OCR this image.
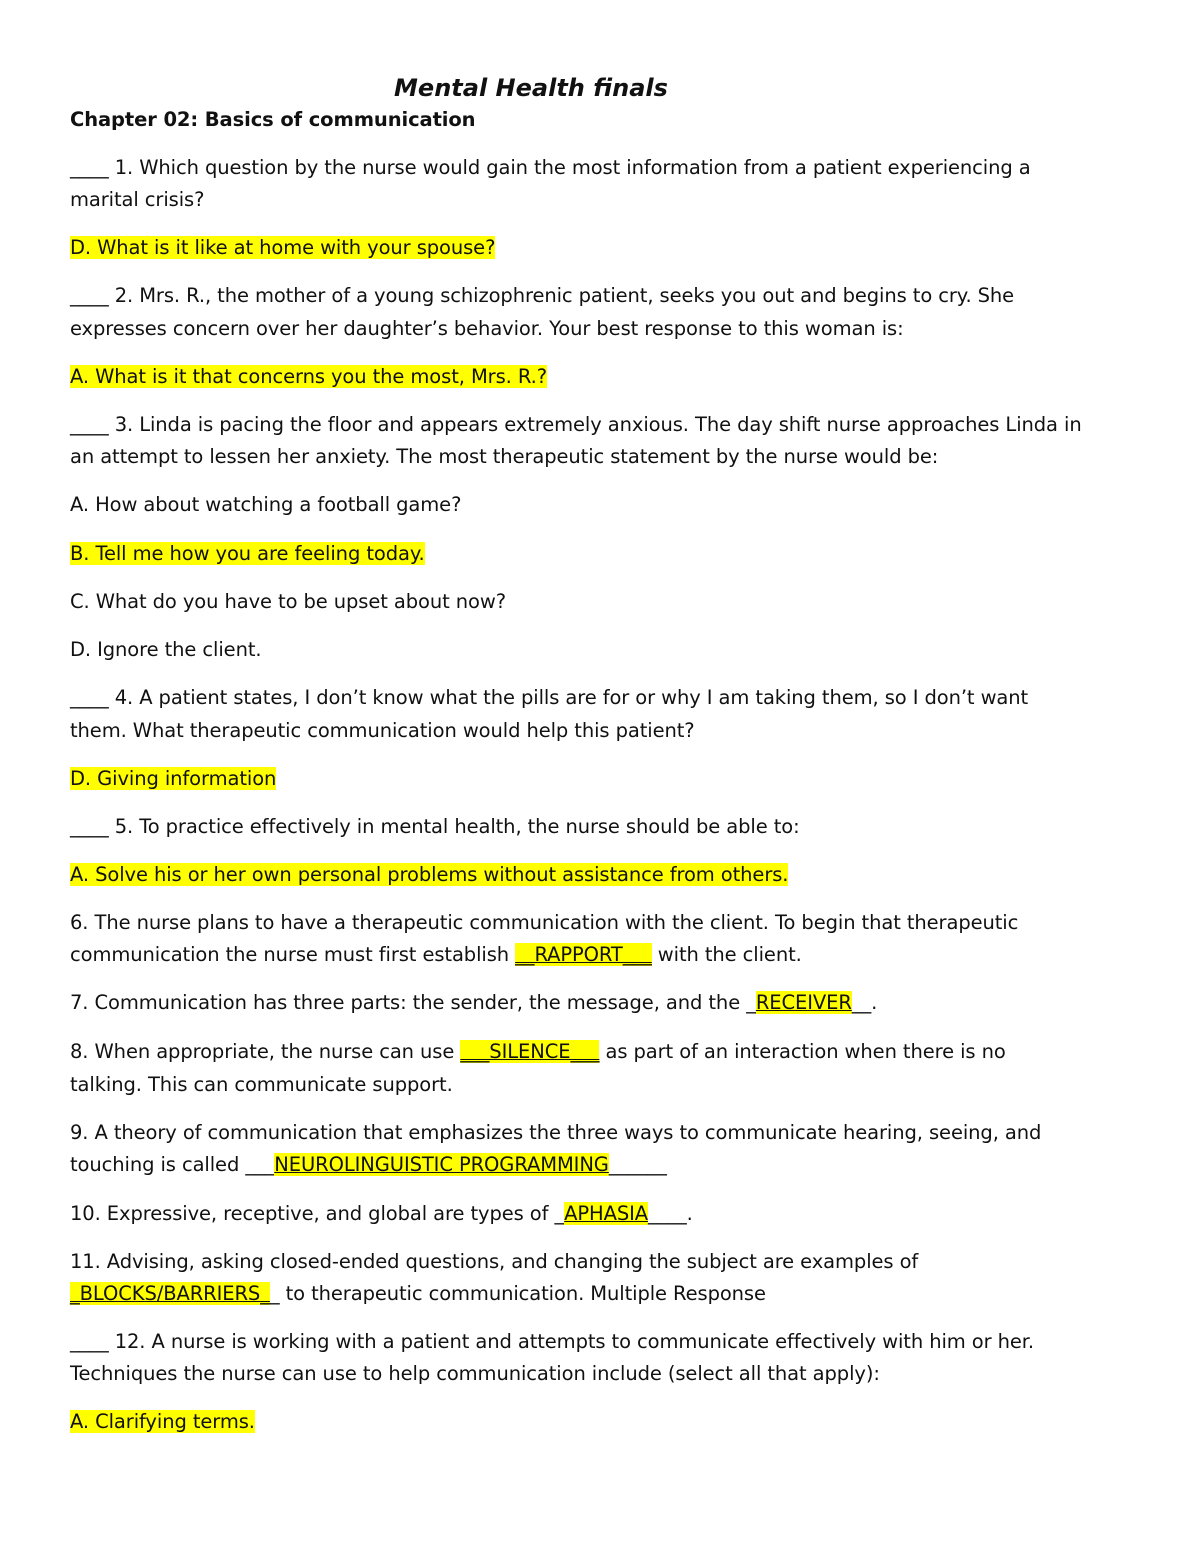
Mental Health finals
Chapter 02: Basics of communication
____ 1. Which question by the nurse would gain the most information from a patient experiencing a
marital crisis?
D. What is it like at home with your spouse?
____ 2. Mrs. R., the mother of a young schizophrenic patient, seeks you out and begins to cry. She
expresses concern over her daughter’s behavior. Your best response to this woman is:
A. What is it that concerns you the most, Mrs. R.?
____ 3. Linda is pacing the floor and appears extremely anxious. The day shift nurse approaches Linda in
an attempt to lessen her anxiety. The most therapeutic statement by the nurse would be:
A. How about watching a football game?
B. Tell me how you are feeling today.
C. What do you have to be upset about now?
D. Ignore the client.
____ 4. A patient states, I don’t know what the pills are for or why I am taking them, so I don’t want
them. What therapeutic communication would help this patient?
D. Giving information
____ 5. To practice effectively in mental health, the nurse should be able to:
A. Solve his or her own personal problems without assistance from others.
6. The nurse plans to have a therapeutic communication with the client. To begin that therapeutic
communication the nurse must first establish __RAPPORT___ with the client.
7. Communication has three parts: the sender, the message, and the _RECEIVER__.
8. When appropriate, the nurse can use ___SILENCE___ as part of an interaction when there is no
talking. This can communicate support.
9. A theory of communication that emphasizes the three ways to communicate hearing, seeing, and
touching is called ___NEUROLINGUISTIC PROGRAMMING______
10. Expressive, receptive, and global are types of _APHASIA____.
11. Advising, asking closed-ended questions, and changing the subject are examples of
_BLOCKS/BARRIERS__ to therapeutic communication. Multiple Response
____ 12. A nurse is working with a patient and attempts to communicate effectively with him or her.
Techniques the nurse can use to help communication include (select all that apply):
A. Clarifying terms.
